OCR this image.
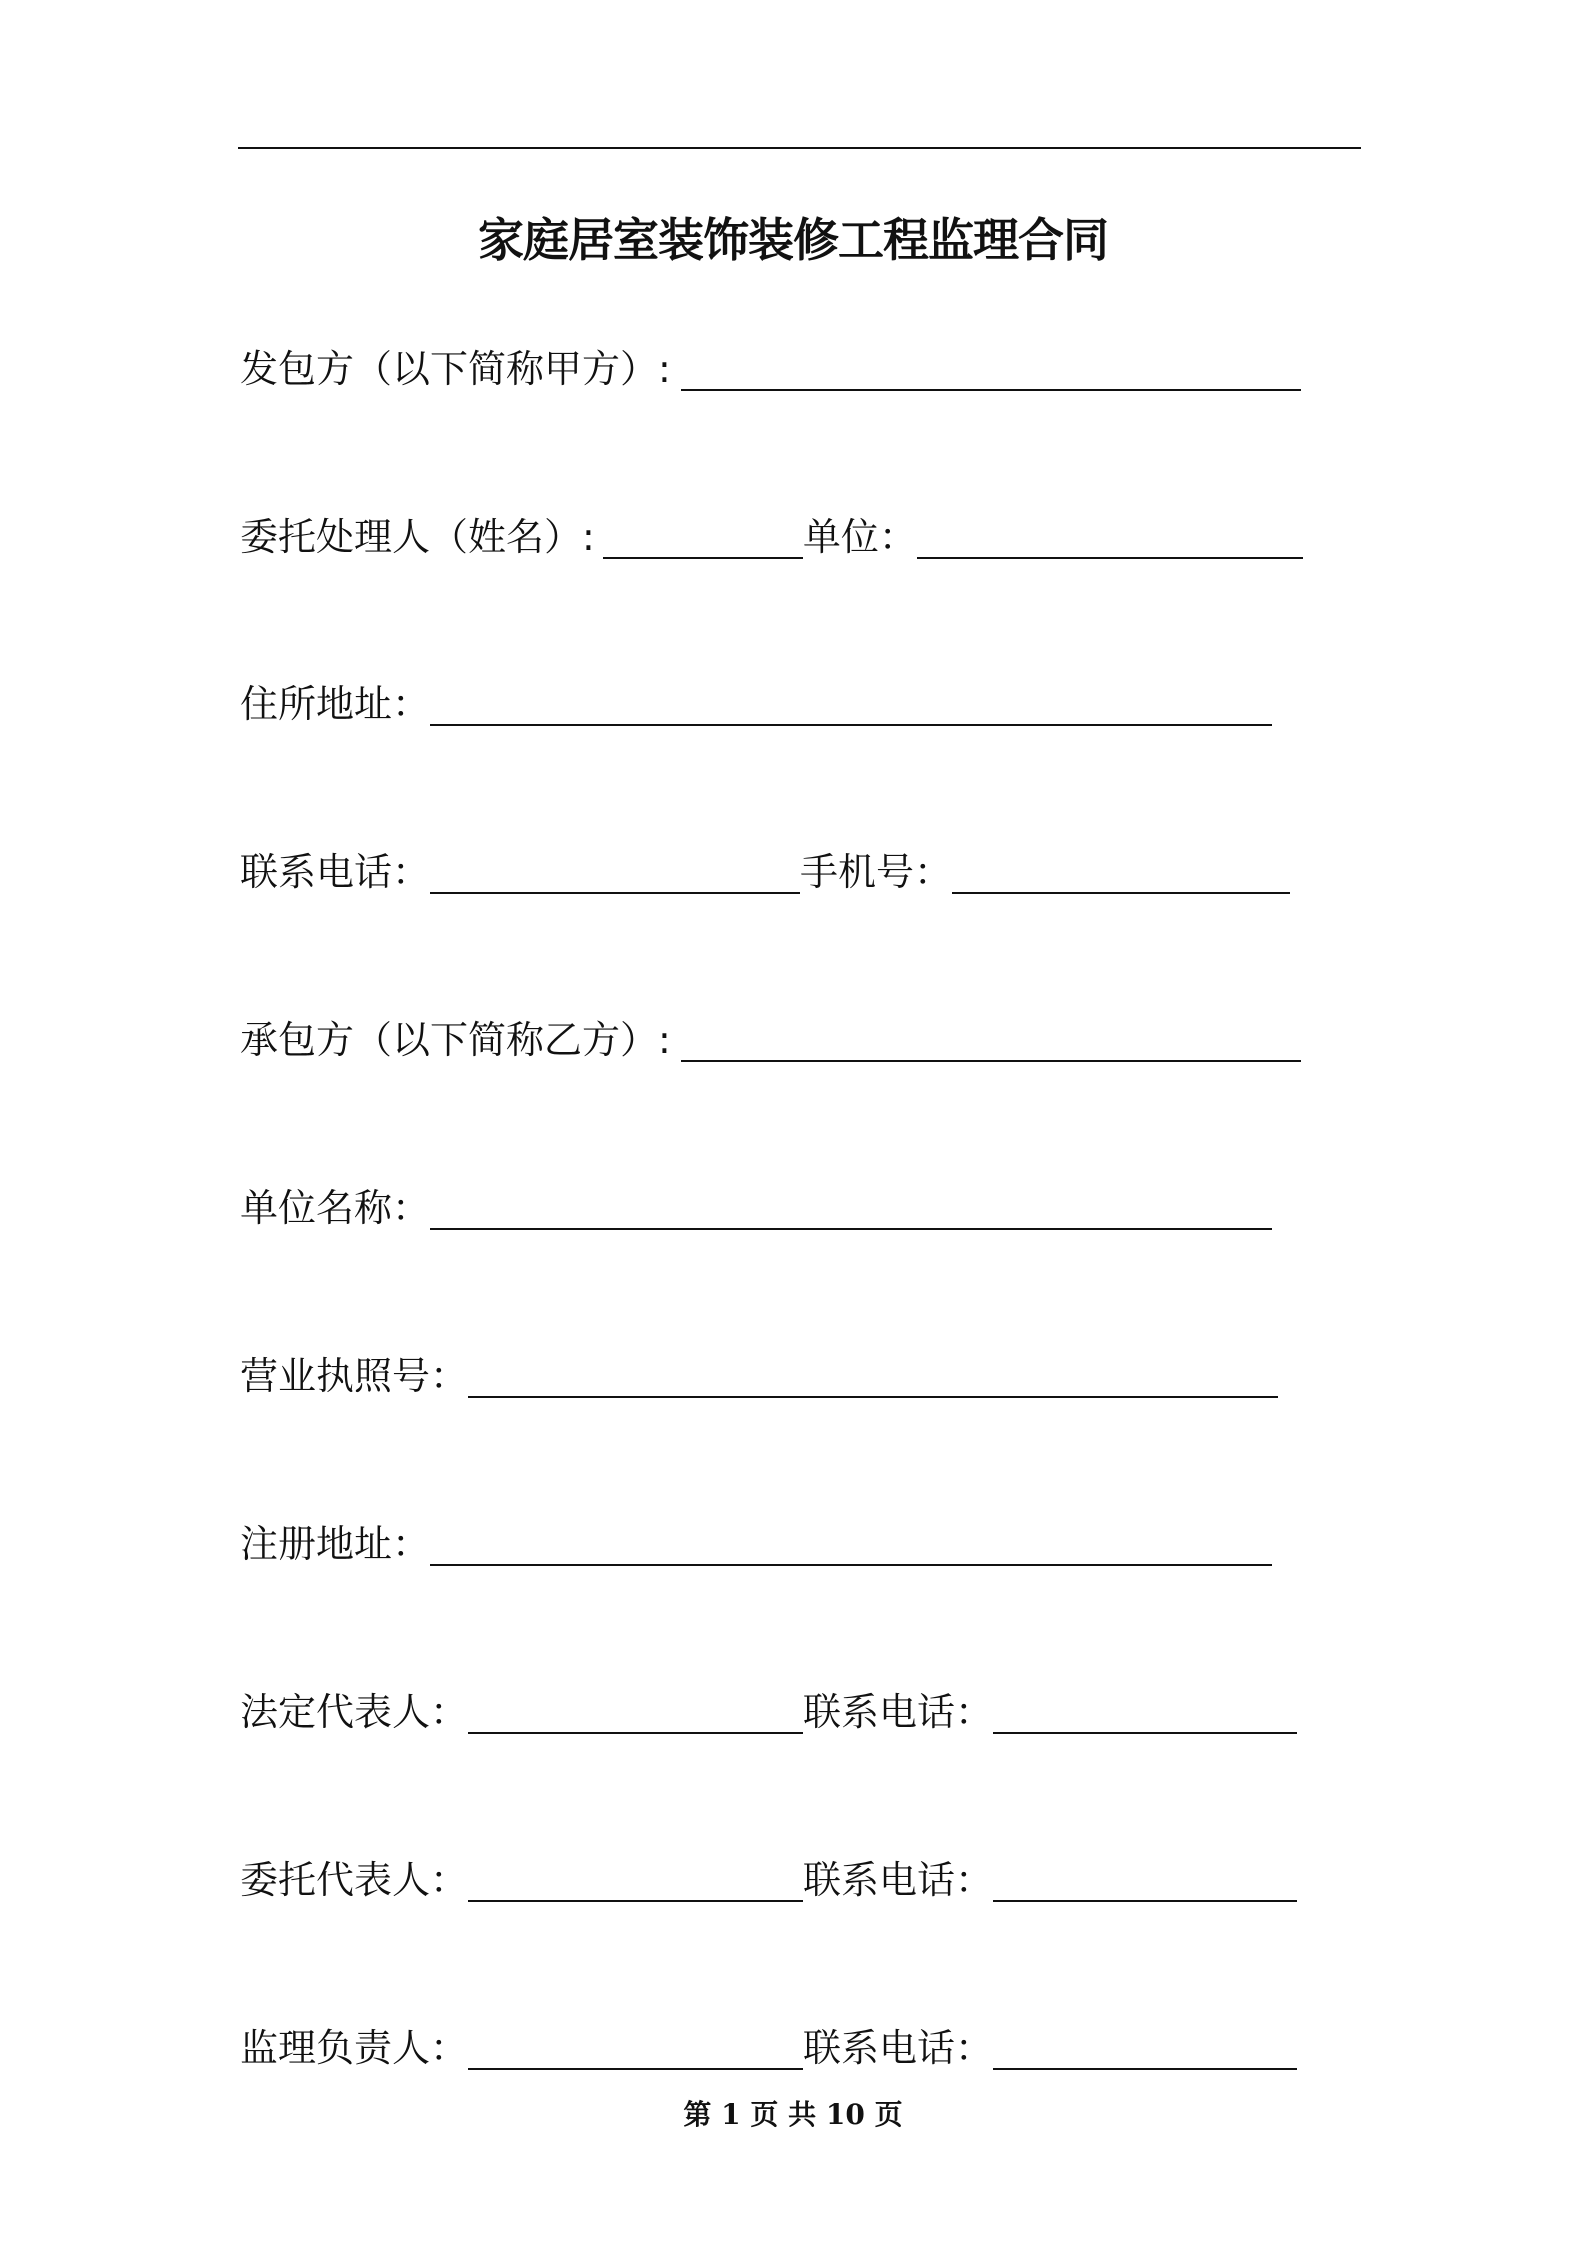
家庭居室装饰装修工程监理合同
发包方（以下简称甲方）:
委托处理人（姓名）:	单位：
住所地址：
联系电话：	手机号：
承包方（以下简称乙方）:
单位名称：
营业执照号：
注册地址：
法定代表人：	联系电话：
委托代表人：	联系电话：
监理负责人：	联系电话：
第 1 页 共 10 页
